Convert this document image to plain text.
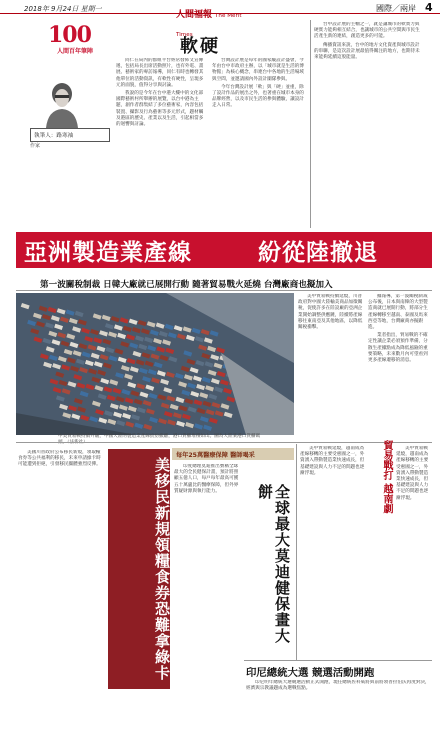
2018年 9月24日 星期一
人間福報 The Merit Times
國際／兩岸 4
100
人間百年筆陣	軟硬
執筆人：路寒袖
作家

同仁在局內的群組平台經常發佈文宣傳遞，包括局長出席活動照片，也有外電、畫展、藝術家的專訪報導，同仁有時也轉發其他單位的活動資訊，有軟性有硬性，呈現多元的面貌，值得分享與討論。

我說的是今年在台中港大樓中的文化部國際藝術村所舉辦的展覽，以台中港為主題，創作者群集結了多位藝術家，內容包括裝置、攝影及行為藝術等多元形式，題材觸及港區的歷史、產業以及生活，引起相當多的迴響與討論。

台灣設計展是每年的國家級設計盛會，今年由台中市政府主辦，以「城市就是生活的博物館」為核心概念，串連台中各地的生活場域與空間，並邀請國內外設計團隊參與。

今年台灣設計展「軟」與「硬」並重，除了設計作品的展出之外，也著重在城市本身的品牌經營，以及市民生活的參與體驗，讓設計走入日常。

台中設計展的主軸之一，就是讓城市的軟實力與硬實力能夠相互結合，也讓城市的公共空間與市民生活產生新的連結，創造更多的可能。

傳播資訊來說，台中的地方文化資產與城市設計的串聯，是這次設計展最值得關注的地方，也期待未來能夠延續這股能量。

亞洲製造業產線	紛從陸撤退
第一波關稅制裁 日韓大廠就已展開行動 隨著貿易戰火延燒 台灣廠商也擬加入
中美貿易戰持續升級，中國大陸的製造業產線紛紛撤離，港口貨櫃堆積如山。圖為大陸某港口貨櫃碼頭。（法新社）

美中貿易戰持續延燒，川普政府對中國大陸輸美商品加徵關稅，促使許多在陸設廠的亞洲企業開始調整供應鏈，陸續將產線移往東南亞及其他地區，以降低關稅衝擊。

據報導，第一波關稅制裁公布後，日本與南韓的大型製造商就已展開行動，將部分生產線轉移至越南、泰國及馬來西亞等地，台灣廠商亦擬跟進。

業者指出，貿易戰的不確定性讓企業必須預作準備，分散生產據點成為降低風險的重要策略，未來數月內可望看到更多產線遷移的消息。

美國川普政府公布移民新規，領取糧食券等公共福利的移民，未來申請綠卡時可能遭到拒絕，引發移民團體強烈反彈。	美移民新規領糧食券恐難拿綠卡	印度總理莫迪推出號稱全球最大的全民健保計畫，預計將照顧五億人口，每戶每年最高可獲五十萬盧比的醫療保障，但外界質疑財源與執行能力。

每年25萬醫療保障 醫師喝采
全球最大莫迪健保畫大餅

美中貿易戰延燒，越南成為產線移轉的主要受惠國之一，外資湧入帶動製造業快速成長，但基礎建設與人力不足的問題也逐漸浮現。	貿易戰打 越南劇	美中貿易戰延燒，越南成為產線移轉的主要受惠國之一，外資湧入帶動製造業快速成長，但基礎建設與人力不足的問題也逐漸浮現。

印尼總統大選 競選活動開跑

印尼明年總統大選競選活動正式開跑，現任總統佐科威將與前將領普拉伯沃再度對決，經濟與宗教議題成為選戰焦點。
